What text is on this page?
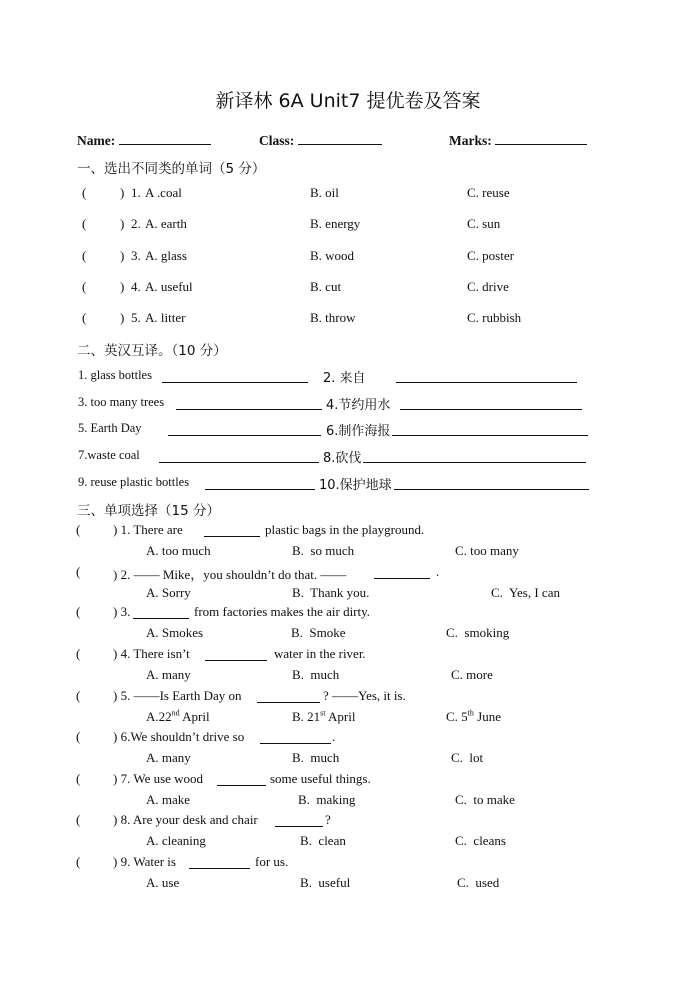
新译林 6A Unit7 提优卷及答案
Name:	Class:	Marks:
一、选出不同类的单词（5 分）
二、英汉互译。（10 分）
三、单项选择（15 分）
(	) 1. A .coal	B. oil	C. reuse
(	) 2. A. earth	B. energy	C. sun
(	) 3. A. glass	B. wood	C. poster
(	) 4. A. useful	B. cut	C. drive
(	) 5. A. litter	B. throw	C. rubbish
1. glass bottles	2. 来自
3. too many trees	4.节约用水
5. Earth Day	6.制作海报
7.waste coal	8.砍伐
9. reuse plastic bottles	10.保护地球
(	) 1. There are	plastic bags in the playground.
A. too much	B.  so much	C. too many
(	) 2. —— Mike，you shouldn’t do that. ——	.
A. Sorry	B.  Thank you.	C.  Yes, I can
(	) 3.	from factories makes the air dirty.
A. Smokes	B.  Smoke	C.  smoking
(	) 4. There isn’t	water in the river.
A. many	B.  much	C. more
(	) 5. ——Is Earth Day on	? ——Yes, it is.
A.22nd April	B. 21st April	C. 5th June
(	) 6.We shouldn’t drive so	.
A. many	B.  much	C.  lot
(	) 7. We use wood	some useful things.
A. make	B.  making	C.  to make
(	) 8. Are your desk and chair	?
A. cleaning	B.  clean	C.  cleans
(	) 9. Water is	for us.
A. use	B.  useful	C.  used
